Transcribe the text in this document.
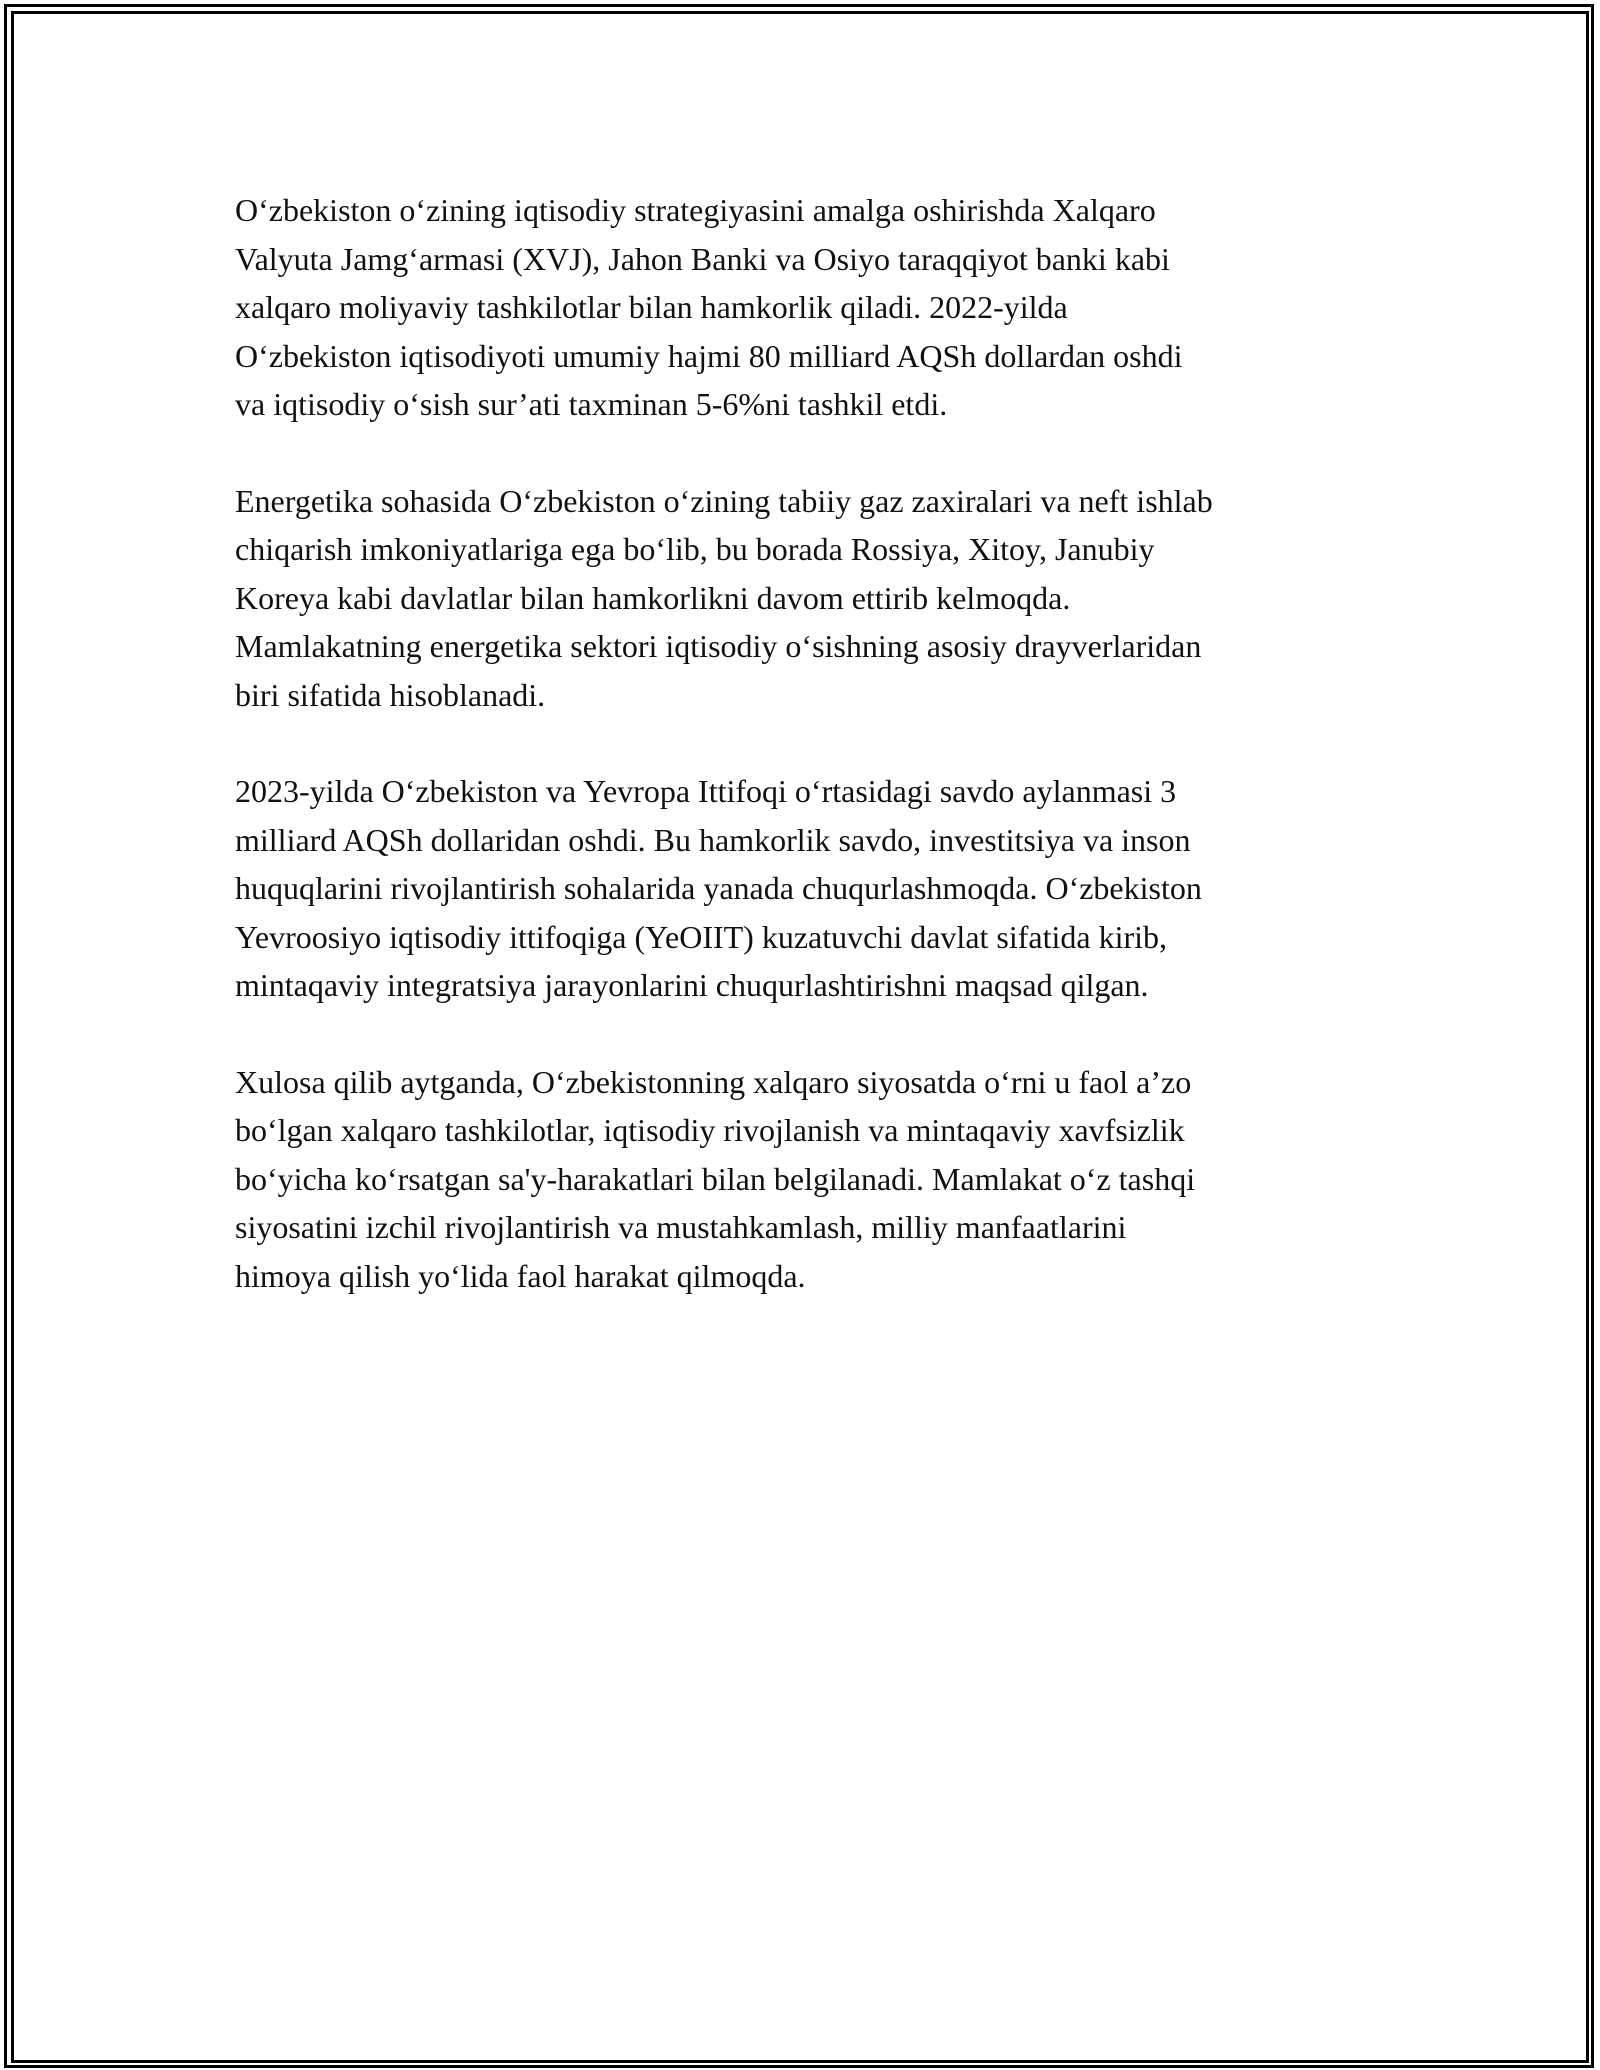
O‘zbekiston o‘zining iqtisodiy strategiyasini amalga oshirishda Xalqaro
Valyuta Jamg‘armasi (XVJ), Jahon Banki va Osiyo taraqqiyot banki kabi
xalqaro moliyaviy tashkilotlar bilan hamkorlik qiladi. 2022-yilda
O‘zbekiston iqtisodiyoti umumiy hajmi 80 milliard AQSh dollardan oshdi
va iqtisodiy o‘sish sur’ati taxminan 5-6%ni tashkil etdi.

Energetika sohasida O‘zbekiston o‘zining tabiiy gaz zaxiralari va neft ishlab
chiqarish imkoniyatlariga ega bo‘lib, bu borada Rossiya, Xitoy, Janubiy
Koreya kabi davlatlar bilan hamkorlikni davom ettirib kelmoqda.
Mamlakatning energetika sektori iqtisodiy o‘sishning asosiy drayverlaridan
biri sifatida hisoblanadi.

2023-yilda O‘zbekiston va Yevropa Ittifoqi o‘rtasidagi savdo aylanmasi 3
milliard AQSh dollaridan oshdi. Bu hamkorlik savdo, investitsiya va inson
huquqlarini rivojlantirish sohalarida yanada chuqurlashmoqda. O‘zbekiston
Yevroosiyo iqtisodiy ittifoqiga (YeOIIT) kuzatuvchi davlat sifatida kirib,
mintaqaviy integratsiya jarayonlarini chuqurlashtirishni maqsad qilgan.

Xulosa qilib aytganda, O‘zbekistonning xalqaro siyosatda o‘rni u faol a’zo
bo‘lgan xalqaro tashkilotlar, iqtisodiy rivojlanish va mintaqaviy xavfsizlik
bo‘yicha ko‘rsatgan sa'y-harakatlari bilan belgilanadi. Mamlakat o‘z tashqi
siyosatini izchil rivojlantirish va mustahkamlash, milliy manfaatlarini
himoya qilish yo‘lida faol harakat qilmoqda.
